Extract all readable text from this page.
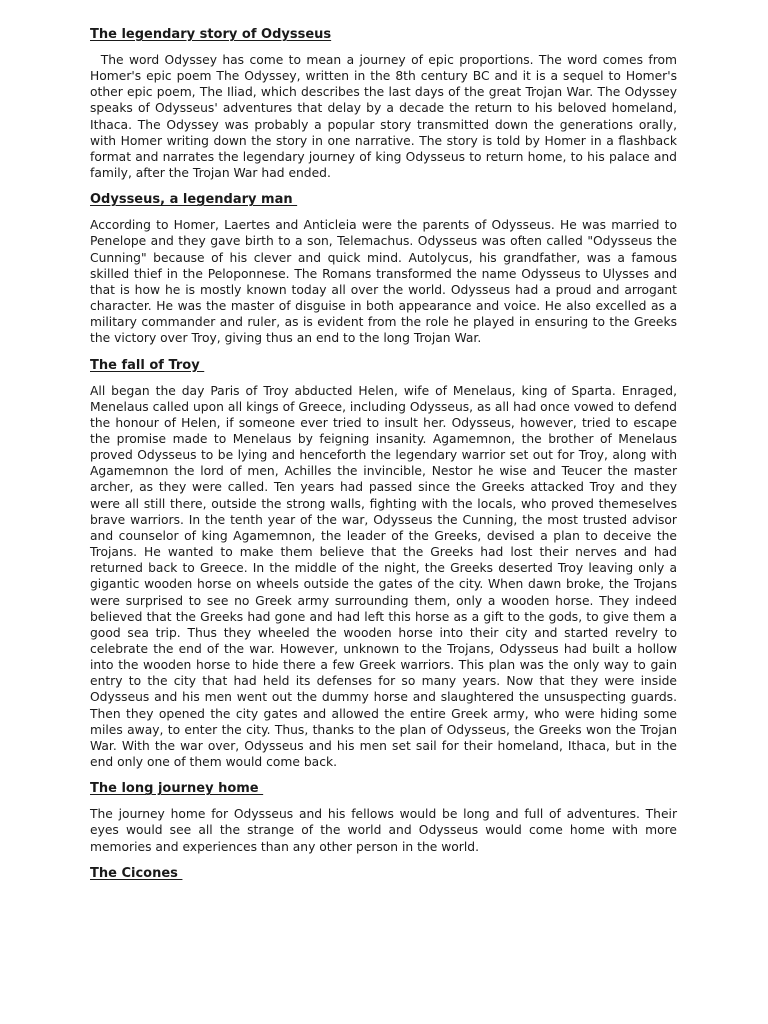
The legendary story of Odysseus
The word Odyssey has come to mean a journey of epic proportions. The word comes from Homer's epic poem The Odyssey, written in the 8th century BC and it is a sequel to Homer's other epic poem, The Iliad, which describes the last days of the great Trojan War. The Odyssey speaks of Odysseus' adventures that delay by a decade the return to his beloved homeland, Ithaca. The Odyssey was probably a popular story transmitted down the generations orally, with Homer writing down the story in one narrative. The story is told by Homer in a flashback format and narrates the legendary journey of king Odysseus to return home, to his palace and family, after the Trojan War had ended.
Odysseus, a legendary man
According to Homer, Laertes and Anticleia were the parents of Odysseus. He was married to Penelope and they gave birth to a son, Telemachus. Odysseus was often called "Odysseus the Cunning" because of his clever and quick mind. Autolycus, his grandfather, was a famous skilled thief in the Peloponnese. The Romans transformed the name Odysseus to Ulysses and that is how he is mostly known today all over the world. Odysseus had a proud and arrogant character. He was the master of disguise in both appearance and voice. He also excelled as a military commander and ruler, as is evident from the role he played in ensuring to the Greeks the victory over Troy, giving thus an end to the long Trojan War.
The fall of Troy
All began the day Paris of Troy abducted Helen, wife of Menelaus, king of Sparta. Enraged, Menelaus called upon all kings of Greece, including Odysseus, as all had once vowed to defend the honour of Helen, if someone ever tried to insult her. Odysseus, however, tried to escape the promise made to Menelaus by feigning insanity. Agamemnon, the brother of Menelaus proved Odysseus to be lying and henceforth the legendary warrior set out for Troy, along with Agamemnon the lord of men, Achilles the invincible, Nestor he wise and Teucer the master archer, as they were called. Ten years had passed since the Greeks attacked Troy and they were all still there, outside the strong walls, fighting with the locals, who proved themeselves brave warriors. In the tenth year of the war, Odysseus the Cunning, the most trusted advisor and counselor of king Agamemnon, the leader of the Greeks, devised a plan to deceive the Trojans. He wanted to make them believe that the Greeks had lost their nerves and had returned back to Greece. In the middle of the night, the Greeks deserted Troy leaving only a gigantic wooden horse on wheels outside the gates of the city. When dawn broke, the Trojans were surprised to see no Greek army surrounding them, only a wooden horse. They indeed believed that the Greeks had gone and had left this horse as a gift to the gods, to give them a good sea trip. Thus they wheeled the wooden horse into their city and started revelry to celebrate the end of the war. However, unknown to the Trojans, Odysseus had built a hollow into the wooden horse to hide there a few Greek warriors. This plan was the only way to gain entry to the city that had held its defenses for so many years. Now that they were inside Odysseus and his men went out the dummy horse and slaughtered the unsuspecting guards. Then they opened the city gates and allowed the entire Greek army, who were hiding some miles away, to enter the city. Thus, thanks to the plan of Odysseus, the Greeks won the Trojan War. With the war over, Odysseus and his men set sail for their homeland, Ithaca, but in the end only one of them would come back.
The long journey home
The journey home for Odysseus and his fellows would be long and full of adventures. Their eyes would see all the strange of the world and Odysseus would come home with more memories and experiences than any other person in the world.
The Cicones
